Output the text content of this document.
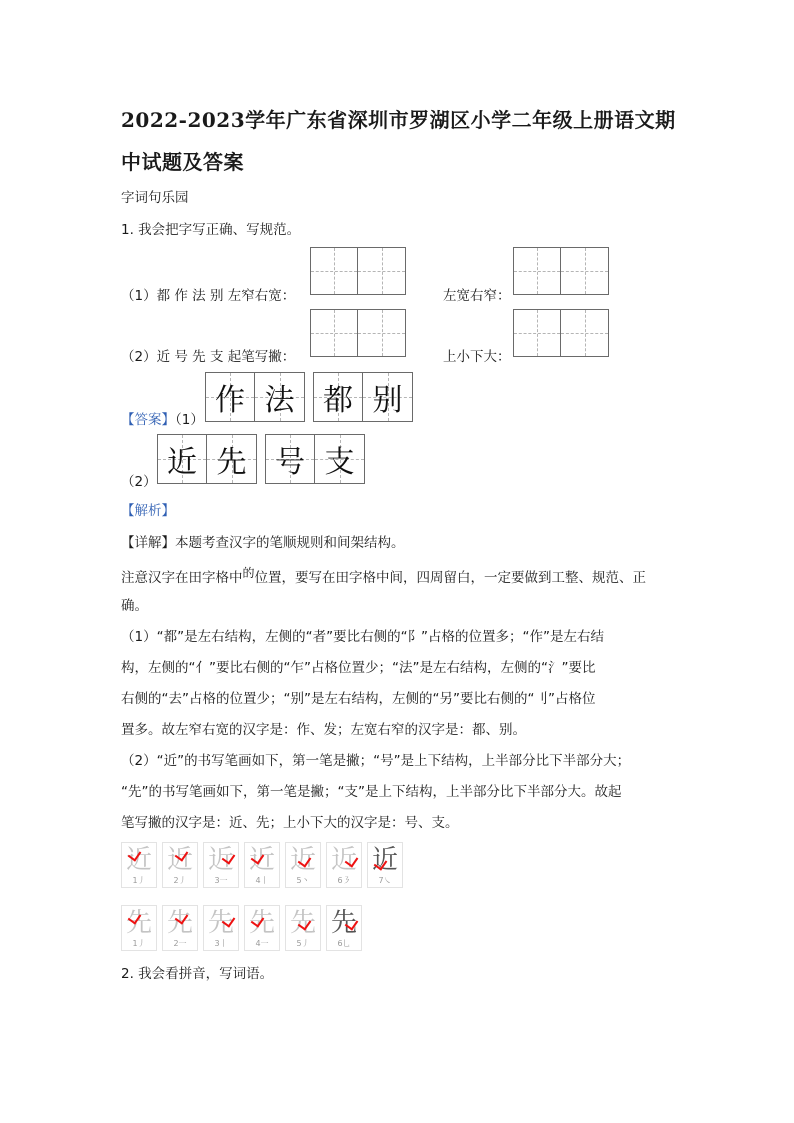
2022-2023学年广东省深圳市罗湖区小学二年级上册语文期
中试题及答案
字词句乐园
1. 我会把字写正确、写规范。
（1）都 作 法 别 左窄右宽：	左宽右窄：
（2）近 号 先 支 起笔写撇：	上小下大：
【答案】（1）
作 法 都 别
（2）
近 先 号 支
【解析】
【详解】本题考查汉字的笔顺规则和间架结构。
注意汉字在田字格中的位置，要写在田字格中间，四周留白，一定要做到工整、规范、正
确。
（1）“都”是左右结构，左侧的“者”要比右侧的“阝”占格的位置多；“作”是左右结
构，左侧的“亻”要比右侧的“乍”占格位置少；“法”是左右结构，左侧的“氵”要比
右侧的“去”占格的位置少；“别”是左右结构，左侧的“另”要比右侧的“刂”占格位
置多。故左窄右宽的汉字是：作、发；左宽右窄的汉字是：都、别。
（2）“近”的书写笔画如下，第一笔是撇；“号”是上下结构，上半部分比下半部分大；
“先”的书写笔画如下，第一笔是撇；“支”是上下结构，上半部分比下半部分大。故起
笔写撇的汉字是：近、先；上小下大的汉字是：号、支。
近
1丿
近
2丿
近
3一
近
4丨
近
5丶
近
6㇋
近
7㇏
先
1丿
先
2一
先
3丨
先
4一
先
5丿
先
6乚
2. 我会看拼音，写词语。
